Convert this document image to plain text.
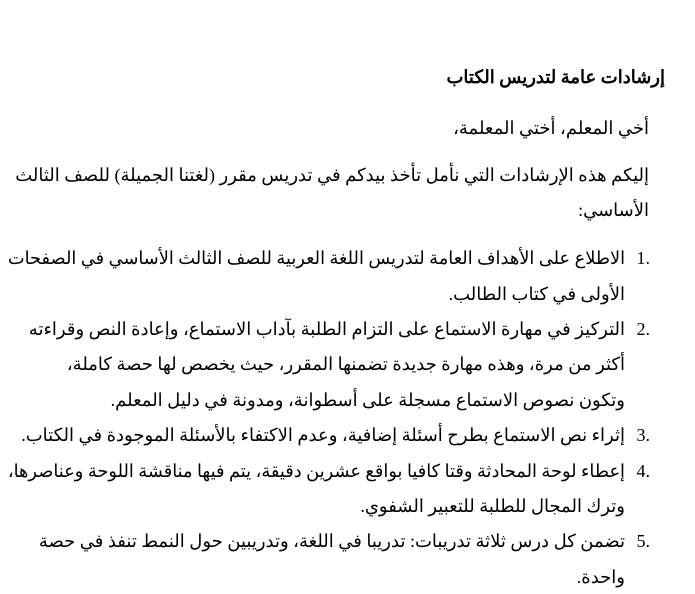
إرشادات عامة لتدريس الكتاب
أخي المعلم، أختي المعلمة،
إليكم هذه الإرشادات التي نأمل تأخذ بيدكم في تدريس مقرر (لغتنا الجميلة) للصف الثالث
الأساسي:
1.
الاطلاع على الأهداف العامة لتدريس اللغة العربية للصف الثالث الأساسي في الصفحات
الأولى في كتاب الطالب.
2.
التركيز في مهارة الاستماع على التزام الطلبة بآداب الاستماع، وإعادة النص وقراءته
أكثر من مرة، وهذه مهارة جديدة تضمنها المقرر، حيث يخصص لها حصة كاملة،
وتكون نصوص الاستماع مسجلة على أسطوانة، ومدونة في دليل المعلم.
3.
إثراء نص الاستماع بطرح أسئلة إضافية، وعدم الاكتفاء بالأسئلة الموجودة في الكتاب.
4.
إعطاء لوحة المحادثة وقتا كافيا بواقع عشرين دقيقة، يتم فيها مناقشة اللوحة وعناصرها،
وترك المجال للطلبة للتعبير الشفوي.
5.
تضمن كل درس ثلاثة تدريبات: تدريبا في اللغة، وتدريبين حول النمط تنفذ في حصة
واحدة.
